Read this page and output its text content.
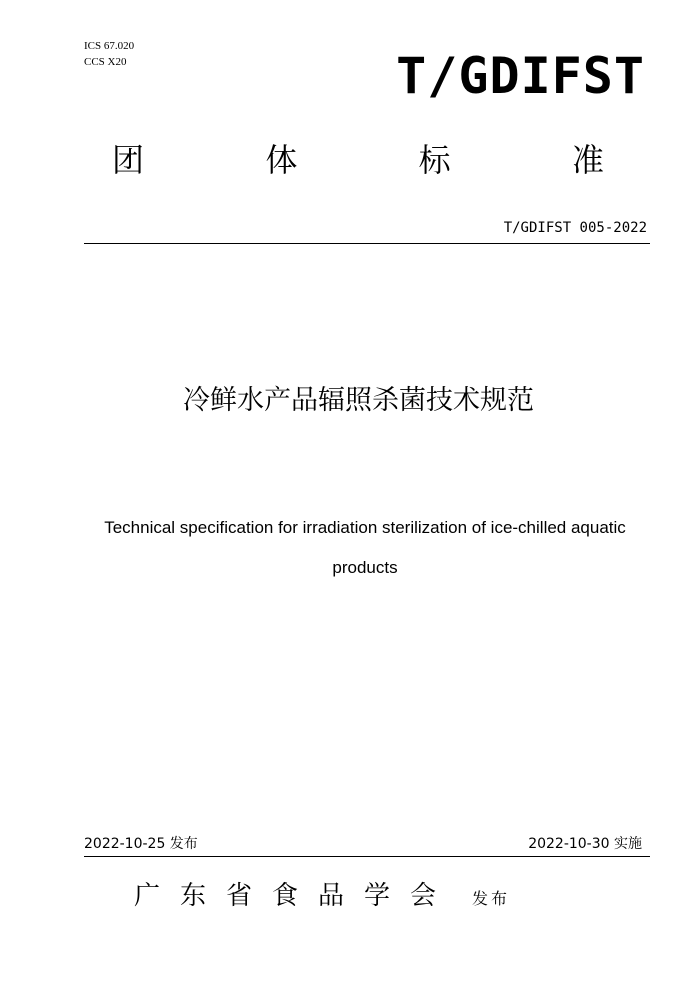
ICS 67.020
CCS X20	T/GDIFST
团	体	标	准
T/GDIFST 005-2022
冷鲜水产品辐照杀菌技术规范
Technical specification for irradiation sterilization of ice-chilled aquatic products
2022-10-25 发布	2022-10-30 实施
广东省食品学会 发布
